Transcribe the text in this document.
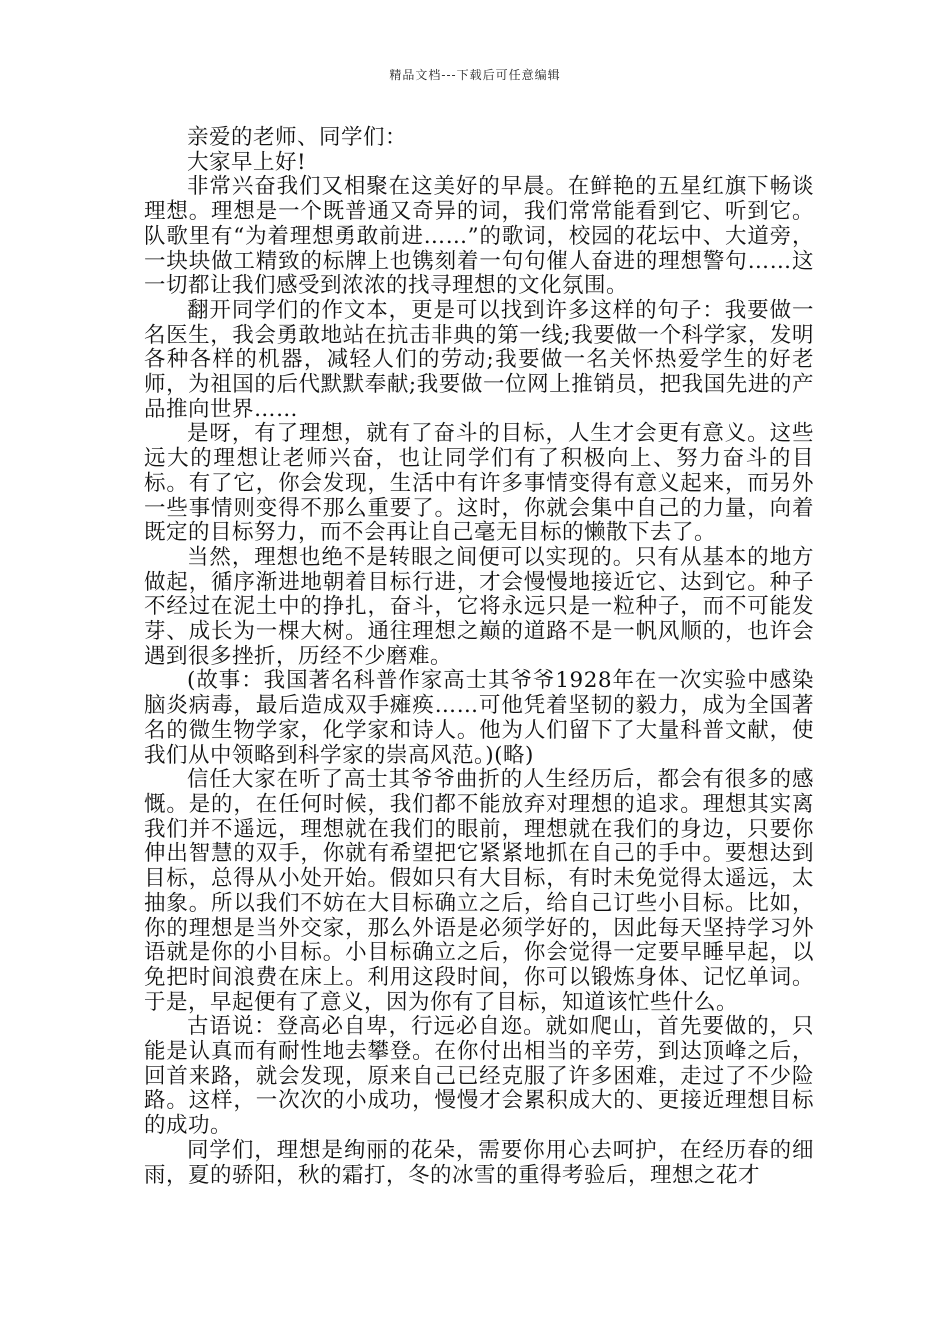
精品文档---下载后可任意编辑

亲爱的老师、同学们：

大家早上好!

非常兴奋我们又相聚在这美好的早晨。在鲜艳的五星红旗下畅谈理想。理想是一个既普通又奇异的词，我们常常能看到它、听到它。队歌里有“为着理想勇敢前进……”的歌词，校园的花坛中、大道旁，一块块做工精致的标牌上也镌刻着一句句催人奋进的理想警句……这一切都让我们感受到浓浓的找寻理想的文化氛围。

翻开同学们的作文本，更是可以找到许多这样的句子：我要做一名医生，我会勇敢地站在抗击非典的第一线;我要做一个科学家，发明各种各样的机器，减轻人们的劳动;我要做一名关怀热爱学生的好老师，为祖国的后代默默奉献;我要做一位网上推销员，把我国先进的产品推向世界……

是呀，有了理想，就有了奋斗的目标，人生才会更有意义。这些远大的理想让老师兴奋，也让同学们有了积极向上、努力奋斗的目标。有了它，你会发现，生活中有许多事情变得有意义起来，而另外一些事情则变得不那么重要了。这时，你就会集中自己的力量，向着既定的目标努力，而不会再让自己毫无目标的懒散下去了。

当然，理想也绝不是转眼之间便可以实现的。只有从基本的地方做起，循序渐进地朝着目标行进，才会慢慢地接近它、达到它。种子不经过在泥土中的挣扎，奋斗，它将永远只是一粒种子，而不可能发芽、成长为一棵大树。通往理想之巅的道路不是一帆风顺的，也许会遇到很多挫折，历经不少磨难。

(故事：我国著名科普作家高士其爷爷1928年在一次实验中感染脑炎病毒，最后造成双手瘫痪……可他凭着坚韧的毅力，成为全国著名的微生物学家，化学家和诗人。他为人们留下了大量科普文献，使我们从中领略到科学家的崇高风范。)(略)

信任大家在听了高士其爷爷曲折的人生经历后，都会有很多的感慨。是的，在任何时候，我们都不能放弃对理想的追求。理想其实离我们并不遥远，理想就在我们的眼前，理想就在我们的身边，只要你伸出智慧的双手，你就有希望把它紧紧地抓在自己的手中。要想达到目标，总得从小处开始。假如只有大目标，有时未免觉得太遥远，太抽象。所以我们不妨在大目标确立之后，给自己订些小目标。比如，你的理想是当外交家，那么外语是必须学好的，因此每天坚持学习外语就是你的小目标。小目标确立之后，你会觉得一定要早睡早起，以免把时间浪费在床上。利用这段时间，你可以锻炼身体、记忆单词。于是，早起便有了意义，因为你有了目标，知道该忙些什么。

古语说：登高必自卑，行远必自迩。就如爬山，首先要做的，只能是认真而有耐性地去攀登。在你付出相当的辛劳，到达顶峰之后，回首来路，就会发现，原来自己已经克服了许多困难，走过了不少险路。这样，一次次的小成功，慢慢才会累积成大的、更接近理想目标的成功。

同学们，理想是绚丽的花朵，需要你用心去呵护，在经历春的细雨，夏的骄阳，秋的霜打，冬的冰雪的重得考验后，理想之花才
